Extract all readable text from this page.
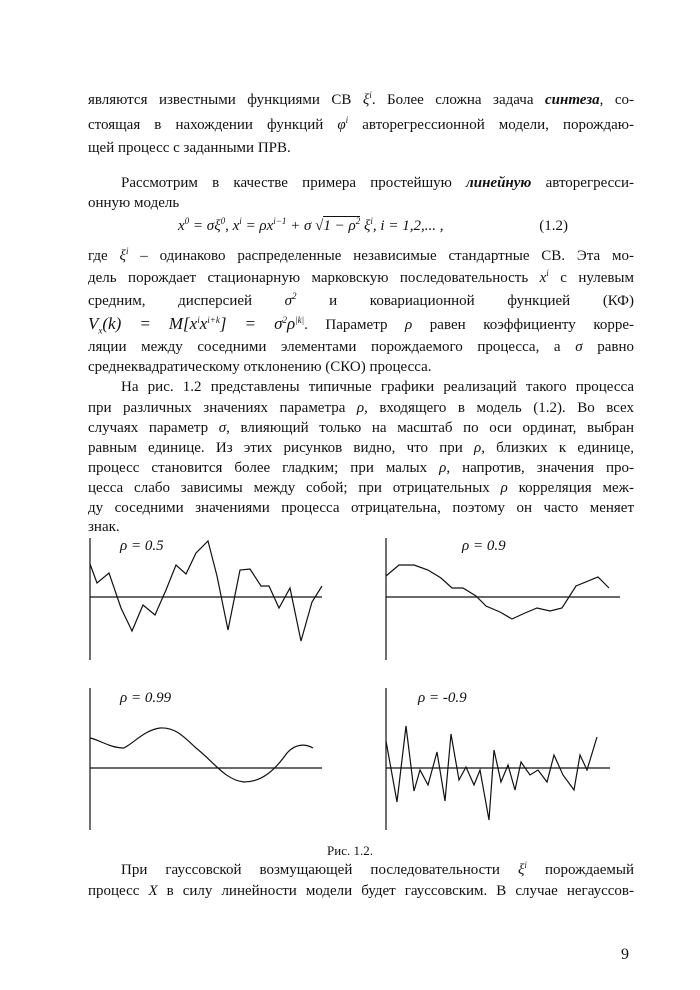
являются известными функциями СВ $\xi^i$. Более сложна задача синтеза, со-
стоящая в нахождении функций $\varphi^i$ авторегрессионной модели, порождаю-
щей процесс с заданными ПРВ.
Рассмотрим в качестве примера простейшую линейную авторегресси-
онную модель
$x^0 = \sigma\xi^0$, $x^i = \rho x^{i-1} + \sigma$ $√1 - \rho^2$ $\xi^i$, i = 1,2,... ,	(1.2)
где $\xi^i$ – одинаково распределенные независимые стандартные СВ. Эта мо-
дель порождает стационарную марковскую последовательность $x^i$ с нулевым
средним, дисперсией $\sigma^2$ и ковариационной функцией (КФ)
$V_x(k) = M[x^ix^{i+k}] = \sigma^2\rho^{|k|}$. Параметр ρ равен коэффициенту корре-
ляции между соседними элементами порождаемого процесса, а σ равно
среднеквадратическому отклонению (СКО) процесса.
На рис. 1.2 представлены типичные графики реализаций такого процесса
при различных значениях параметра ρ, входящего в модель (1.2). Во всех
случаях параметр σ, влияющий только на масштаб по оси ординат, выбран
равным единице. Из этих рисунков видно, что при ρ, близких к единице,
процесс становится более гладким; при малых ρ, напротив, значения про-
цесса слабо зависимы между собой; при отрицательных ρ корреляция меж-
ду соседними значениями процесса отрицательна, поэтому он часто меняет
знак.
ρ = 0.5	ρ = 0.9
ρ = 0.99	ρ = -0.9
Рис. 1.2.
При гауссовской возмущающей последовательности $\xi^i$ порождаемый
процесс X в силу линейности модели будет гауссовским. В случае негауссов-
9
